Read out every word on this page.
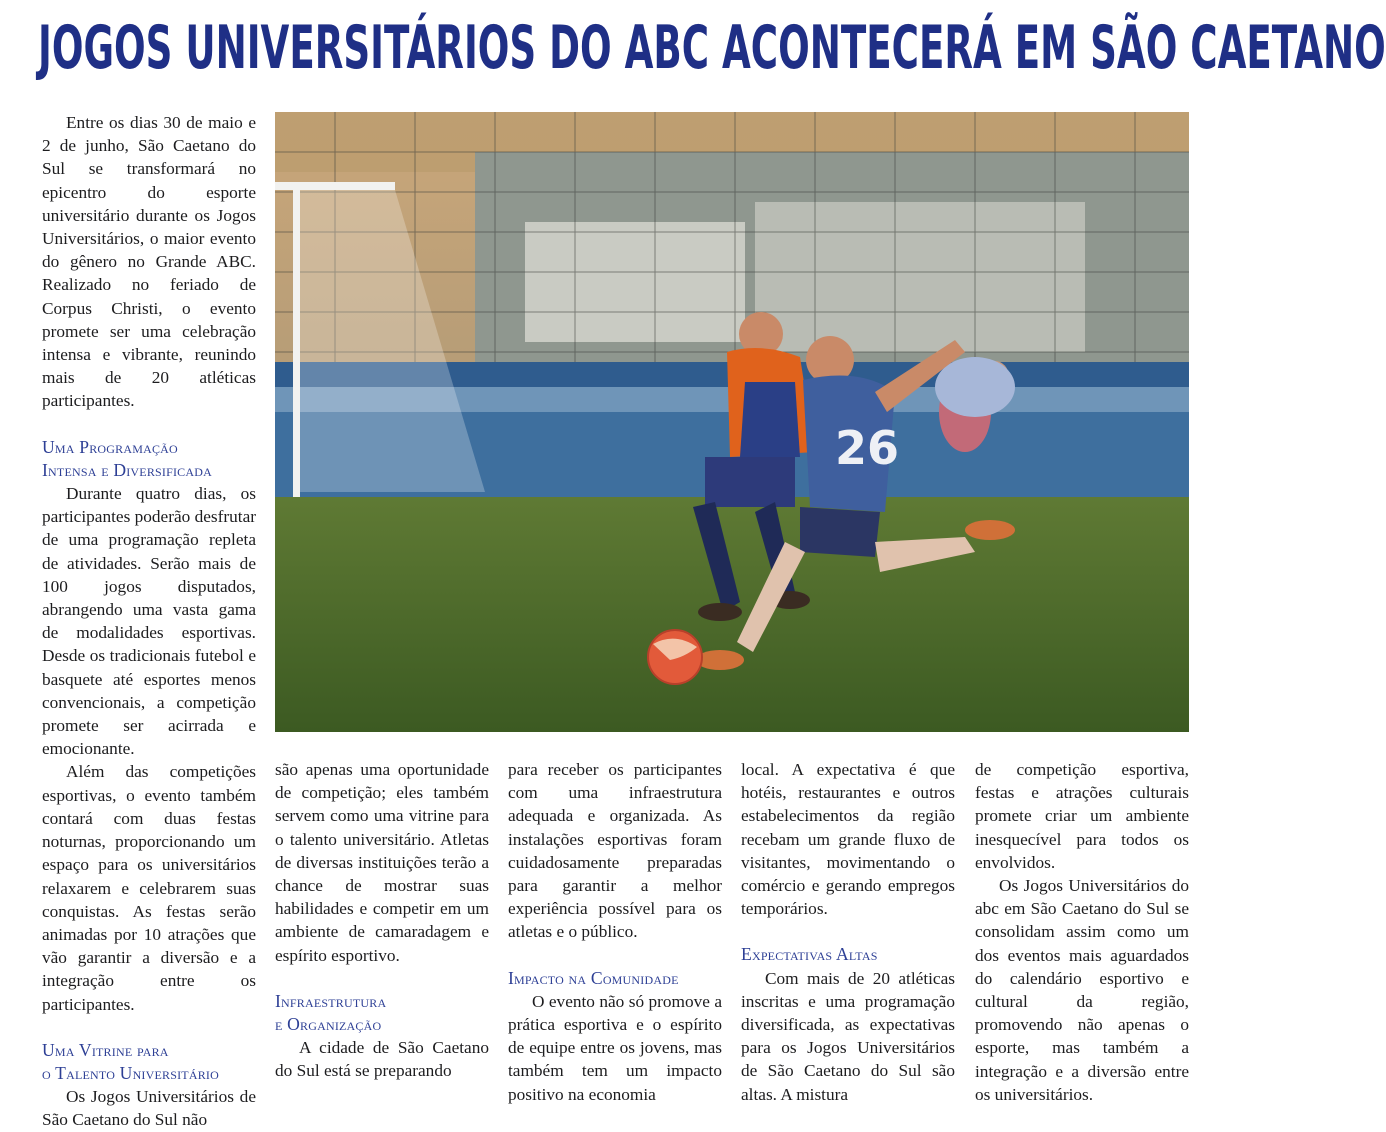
JOGOS UNIVERSITÁRIOS DO ABC ACONTECERÁ EM SÃO CAETANO

Entre os dias 30 de maio e 2 de junho, São Caetano do Sul se transformará no epicentro do esporte universitário durante os Jogos Universitários, o maior evento do gênero no Grande ABC. Realizado no feriado de Corpus Christi, o evento promete ser uma celebração intensa e vibrante, reunindo mais de 20 atléticas participantes.

Uma Programação
Intensa e Diversificada

Durante quatro dias, os participantes poderão desfrutar de uma programação repleta de atividades. Serão mais de 100 jogos disputados, abrangendo uma vasta gama de modalidades esportivas. Desde os tradicionais futebol e basquete até esportes menos convencionais, a competição promete ser acirrada e emocionante.

Além das competições esportivas, o evento também contará com duas festas noturnas, proporcionando um espaço para os universitários relaxarem e celebrarem suas conquistas. As festas serão animadas por 10 atrações que vão garantir a diversão e a integração entre os participantes.

Uma Vitrine para
o Talento Universitário

Os Jogos Universitários de São Caetano do Sul não

26

são apenas uma oportunidade de competição; eles também servem como uma vitrine para o talento universitário. Atletas de diversas instituições terão a chance de mostrar suas habilidades e competir em um ambiente de camaradagem e espírito esportivo.

Infraestrutura
e Organização

A cidade de São Caetano do Sul está se preparando

para receber os participantes com uma infraestrutura adequada e organizada. As instalações esportivas foram cuidadosamente preparadas para garantir a melhor experiência possível para os atletas e o público.

Impacto na Comunidade

O evento não só promove a prática esportiva e o espírito de equipe entre os jovens, mas também tem um impacto positivo na economia

local. A expectativa é que hotéis, restaurantes e outros estabelecimentos da região recebam um grande fluxo de visitantes, movimentando o comércio e gerando empregos temporários.

Expectativas Altas

Com mais de 20 atléticas inscritas e uma programação diversificada, as expectativas para os Jogos Universitários de São Caetano do Sul são altas. A mistura

de competição esportiva, festas e atrações culturais promete criar um ambiente inesquecível para todos os envolvidos.

Os Jogos Universitários do abc em São Caetano do Sul se consolidam assim como um dos eventos mais aguardados do calendário esportivo e cultural da região, promovendo não apenas o esporte, mas também a integração e a diversão entre os universitários.
